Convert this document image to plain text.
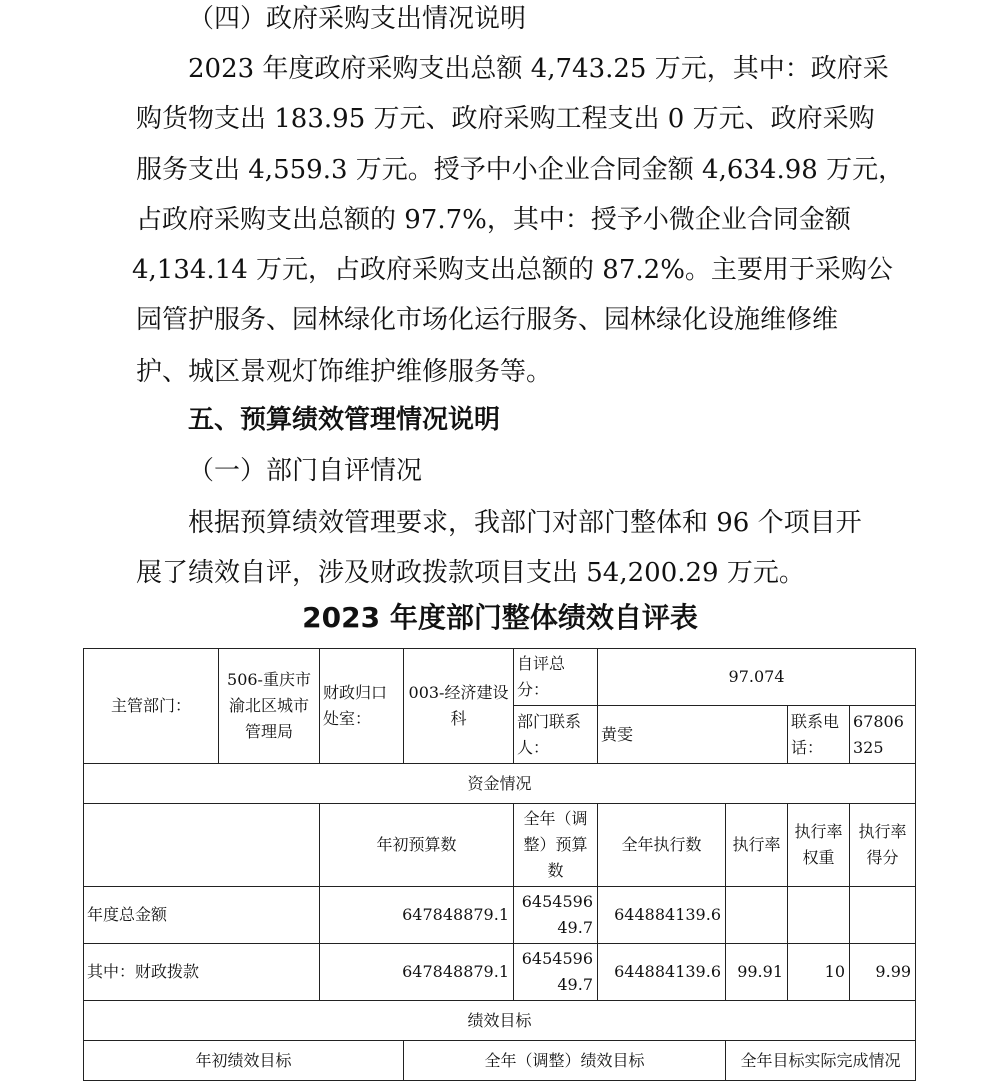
（四）政府采购支出情况说明
2023 年度政府采购支出总额 4,743.25 万元，其中：政府采
购货物支出 183.95 万元、政府采购工程支出 0 万元、政府采购
服务支出 4,559.3 万元。授予中小企业合同金额 4,634.98 万元，
占政府采购支出总额的 97.7%，其中：授予小微企业合同金额
4,134.14 万元，占政府采购支出总额的 87.2%。主要用于采购公
园管护服务、园林绿化市场化运行服务、园林绿化设施维修维
护、城区景观灯饰维护维修服务等。
五、预算绩效管理情况说明
（一）部门自评情况
根据预算绩效管理要求，我部门对部门整体和 96 个项目开
展了绩效自评，涉及财政拨款项目支出 54,200.29 万元。
2023 年度部门整体绩效自评表
主管部门：	506-重庆市渝北区城市管理局	财政归口处室：	003-经济建设科	自评总分：	97.074			
				部门联系人：	黄雯		联系电话：	67806325
资金情况								
		年初预算数		全年（调整）预算数	全年执行数	执行率	执行率权重	执行率得分
年度总金额		647848879.1		645459649.7	644884139.6			
其中：财政拨款		647848879.1		645459649.7	644884139.6	99.91	10	9.99
绩效目标								
年初绩效目标			全年（调整）绩效目标			全年目标实际完成情况		
